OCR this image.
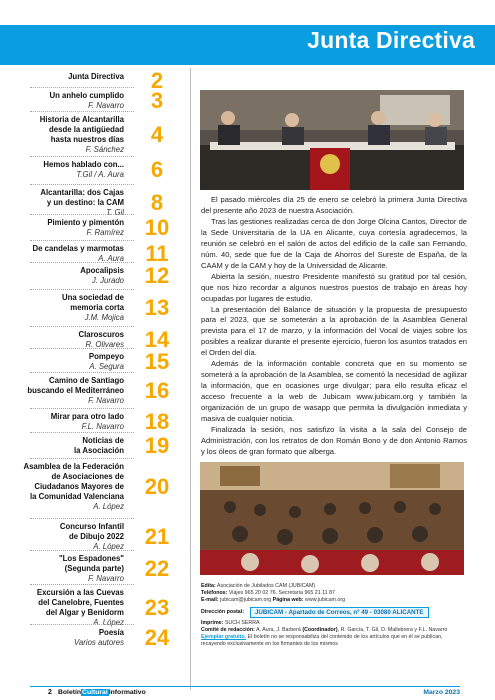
Junta Directiva
Junta Directiva	2
Un anhelo cumplido
F. Navarro	3
Historia de Alcantarilla
desde la antigüedad
hasta nuestros días
F. Sánchez
4
Hemos hablado con...
T.Gil / A. Aura	6
Alcantarilla: dos Cajas
y un destino: la CAM
T. Gil	8
Pimiento y pimentón
F. Ramírez 10
De candelas y marmotas
A. Aura 11
Apocalipsis
J. Jurado 12
Una sociedad de
memoria corta
J.M. Mojica 13
Claroscuros
R. Olivares 14
Pompeyo
A. Segura 15
Camino de Santiago
buscando el Mediterráneo
F. Navarro 16
Mirar para otro lado
F.L. Navarro 18
Noticias de
la Asociación 19
Asamblea de la Federación
de Asociaciones de
Ciudadanos Mayores de
la Comunidad Valenciana
A. López
20
Concurso Infantil
de Dibujo 2022
A. López 21
"Los Espadones"
(Segunda parte)
F. Navarro 22
Excursión a las Cuevas
del Canelobre, Fuentes
del Algar y Benidorm
A. López
23
Poesía
Varios autores 24

El pasado miércoles día 25 de enero se celebró la primera Junta Directiva del presente año 2023 de nuestra Asociación.

Tras las gestiones realizadas cerca de don Jorge Olcina Cantos, Director de la Sede Universitaria de la UA en Alicante, cuya cortesía agradecemos, la reunión se celebró en el salón de actos del edificio de la calle san Fernando, núm. 40, sede que fue de la Caja de Ahorros del Sureste de España, de la CAAM y de la CAM y hoy de la Universidad de Alicante.

Abierta la sesión, nuestro Presidente manifestó su gratitud por tal cesión, que nos hizo recordar a algunos nuestros puestos de trabajo en áreas hoy ocupadas por lugares de estudio.

La presentación del Balance de situación y la propuesta de presupuesto para el 2023, que se someterán a la aprobación de la Asamblea General prevista para el 17 de marzo, y la información del Vocal de viajes sobre los posibles a realizar durante el presente ejercicio, fueron los asuntos tratados en el Orden del día.

Además de la información contable concreta que en su momento se someterá a la aprobación de la Asamblea, se comentó la necesidad de agilizar la información, que en ocasiones urge divulgar; para ello resulta eficaz el acceso frecuente a la web de Jubicam www.jubicam.org y también la organización de un grupo de wasapp que permita la divulgación inmediata y masiva de cualquier noticia.

Finalizada la sesión, nos satisfizo la visita a la sala del Consejo de Administración, con los retratos de don Román Bono y de don Antonio Ramos y los óleos de gran formato que alberga.

Edita: Asociación de Jubilados CAM (JUBICAM)
Teléfonos: Viajes 965 20 02 76. Secretaría 965 21 11 87
E-mail: jubicam@jubicam.org Página web: www.jubicam.org
Dirección postal:	JUBICAM - Apartado de Correos, nº 49 - 03080 ALICANTE
Imprime: SUCH SERRA
Comité de redacción: A. Aura, J. Barberá (Coordinador), R. García, T. Gil, D. Mallebrera y F.L. Navarro
Ejemplar gratuito. El boletín no se responsabiliza del contenido de los artículos que en él se publican, recayendo exclusivamente en los firmantes de los mismos
2 BoletínCulturalInformativo	Marzo 2023
